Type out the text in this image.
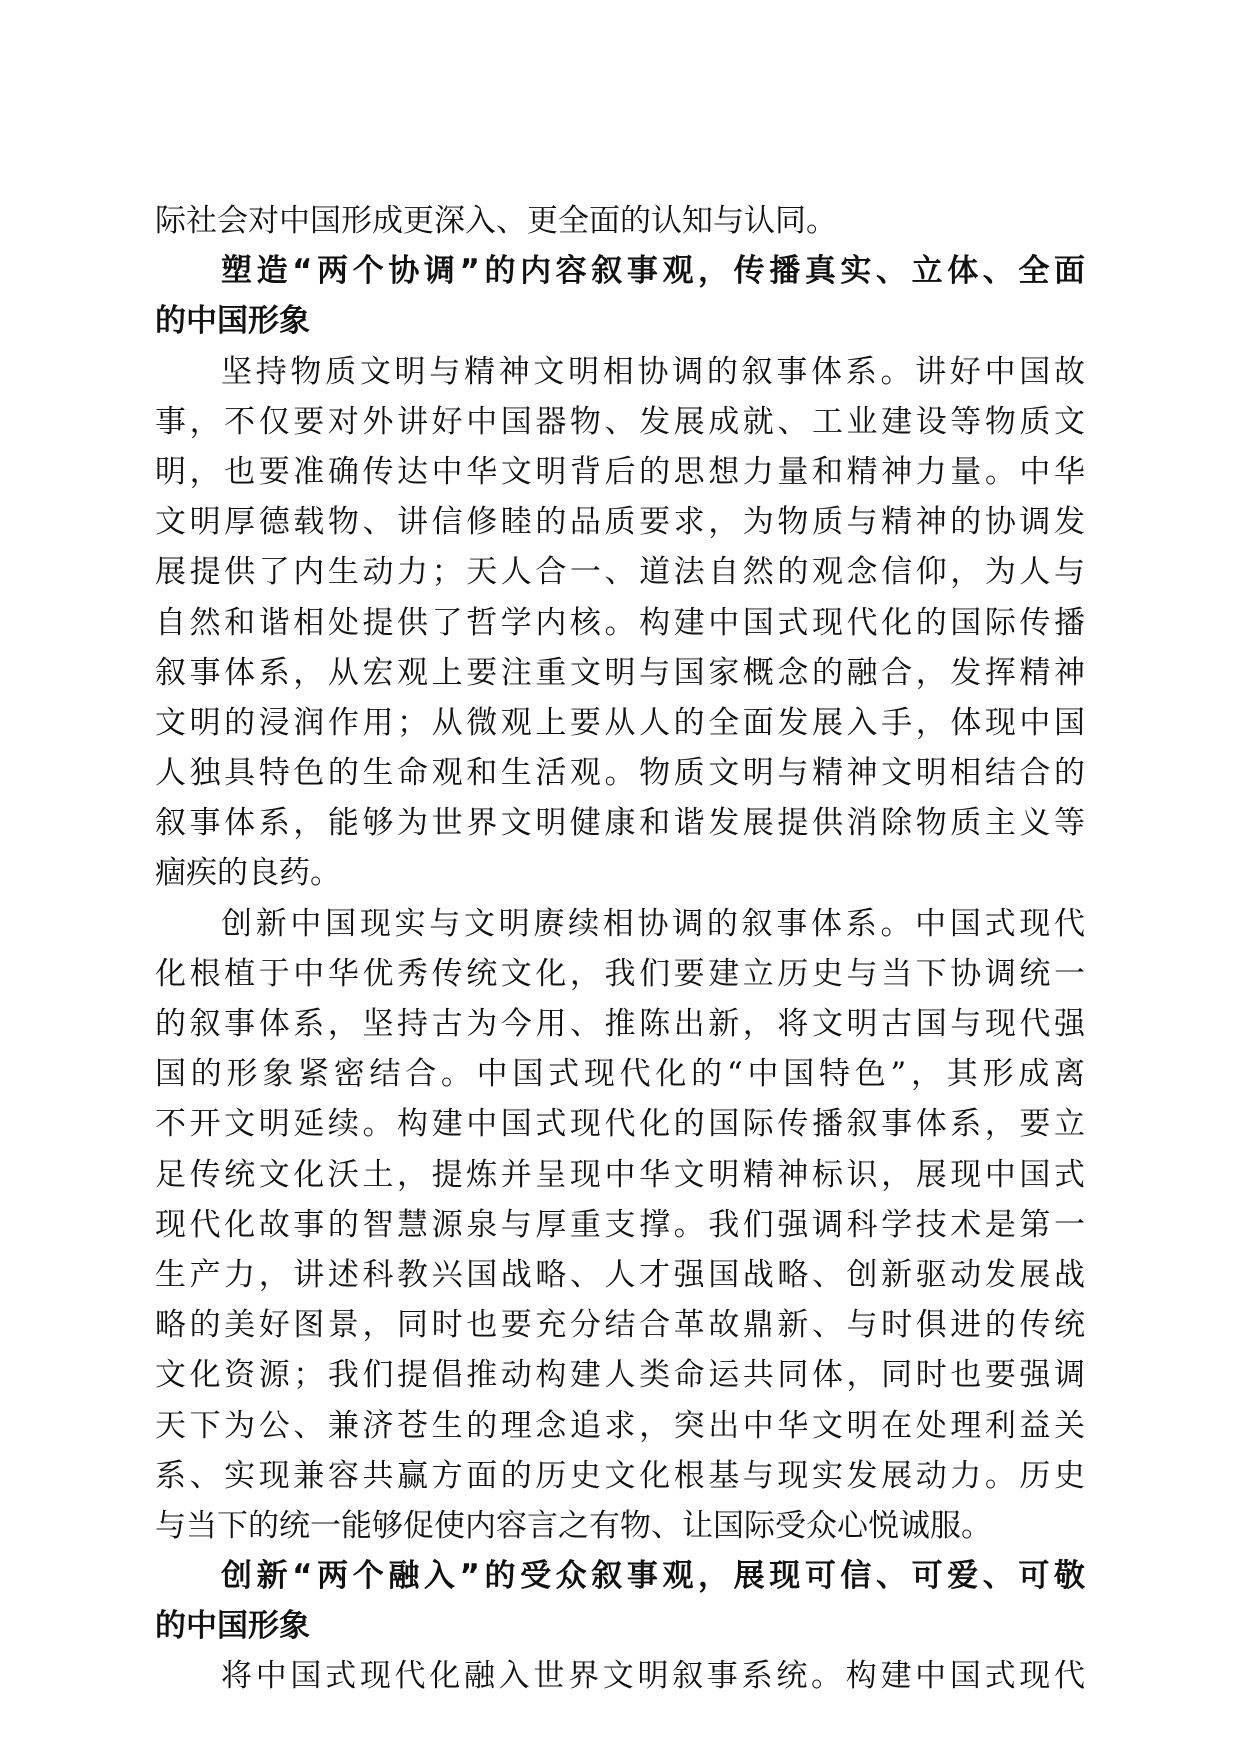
际社会对中国形成更深入、更全面的认知与认同。
塑造“两个协调”的内容叙事观，传播真实、立体、全面
的中国形象
坚持物质文明与精神文明相协调的叙事体系。讲好中国故
事，不仅要对外讲好中国器物、发展成就、工业建设等物质文
明，也要准确传达中华文明背后的思想力量和精神力量。中华
文明厚德载物、讲信修睦的品质要求，为物质与精神的协调发
展提供了内生动力；天人合一、道法自然的观念信仰，为人与
自然和谐相处提供了哲学内核。构建中国式现代化的国际传播
叙事体系，从宏观上要注重文明与国家概念的融合，发挥精神
文明的浸润作用；从微观上要从人的全面发展入手，体现中国
人独具特色的生命观和生活观。物质文明与精神文明相结合的
叙事体系，能够为世界文明健康和谐发展提供消除物质主义等
痼疾的良药。
创新中国现实与文明赓续相协调的叙事体系。中国式现代
化根植于中华优秀传统文化，我们要建立历史与当下协调统一
的叙事体系，坚持古为今用、推陈出新，将文明古国与现代强
国的形象紧密结合。中国式现代化的“中国特色”，其形成离
不开文明延续。构建中国式现代化的国际传播叙事体系，要立
足传统文化沃土，提炼并呈现中华文明精神标识，展现中国式
现代化故事的智慧源泉与厚重支撑。我们强调科学技术是第一
生产力，讲述科教兴国战略、人才强国战略、创新驱动发展战
略的美好图景，同时也要充分结合革故鼎新、与时俱进的传统
文化资源；我们提倡推动构建人类命运共同体，同时也要强调
天下为公、兼济苍生的理念追求，突出中华文明在处理利益关
系、实现兼容共赢方面的历史文化根基与现实发展动力。历史
与当下的统一能够促使内容言之有物、让国际受众心悦诚服。
创新“两个融入”的受众叙事观，展现可信、可爱、可敬
的中国形象
将中国式现代化融入世界文明叙事系统。构建中国式现代
